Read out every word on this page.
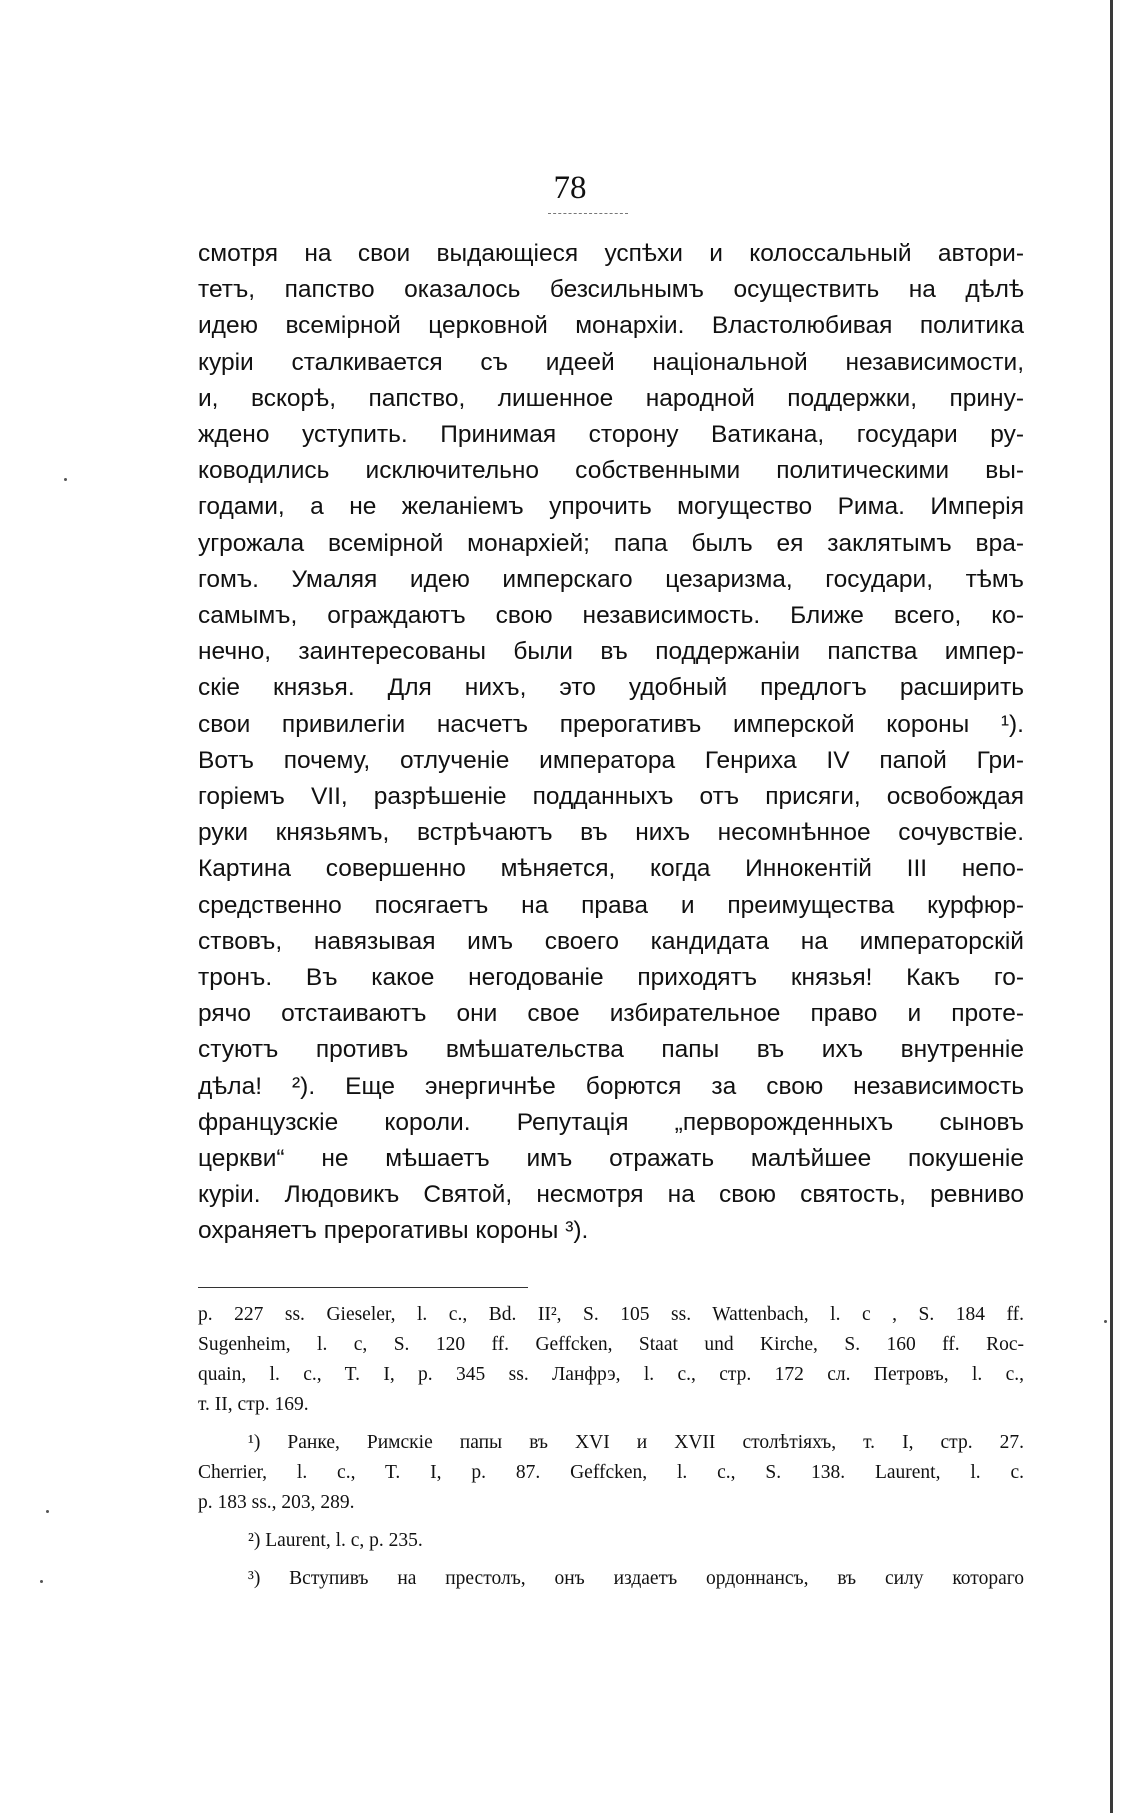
78
смотря на свои выдающіеся успѣхи и колоссальный автори-
тетъ, папство оказалось безсильнымъ осуществить на дѣлѣ
идею всемірной церковной монархіи. Властолюбивая политика
куріи сталкивается съ идеей національной независимости,
и, вскорѣ, папство, лишенное народной поддержки, прину-
ждено уступить. Принимая сторону Ватикана, государи ру-
ководились исключительно собственными политическими вы-
годами, а не желаніемъ упрочить могущество Рима. Имперія
угрожала всемірной монархіей; папа былъ ея заклятымъ вра-
гомъ. Умаляя идею имперскаго цезаризма, государи, тѣмъ
самымъ, ограждаютъ свою независимость. Ближе всего, ко-
нечно, заинтересованы были въ поддержаніи папства импер-
скіе князья. Для нихъ, это удобный предлогъ расширить
свои привилегіи насчетъ прерогативъ имперской короны ¹).
Вотъ почему, отлученіе императора Генриха IV папой Гри-
горіемъ VII, разрѣшеніе подданныхъ отъ присяги, освобождая
руки князьямъ, встрѣчаютъ въ нихъ несомнѣнное сочувствіе.
Картина совершенно мѣняется, когда Иннокентій III непо-
средственно посягаетъ на права и преимущества курфюр-
ствовъ, навязывая имъ своего кандидата на императорскій
тронъ. Въ какое негодованіе приходятъ князья! Какъ го-
рячо отстаиваютъ они свое избирательное право и проте-
стуютъ противъ вмѣшательства папы въ ихъ внутренніе
дѣла! ²). Еще энергичнѣе борются за свою независимость
французскіе короли. Репутація „перворожденныхъ сыновъ
церкви“ не мѣшаетъ имъ отражать малѣйшее покушеніе
куріи. Людовикъ Святой, несмотря на свою святость, ревниво
охраняетъ прерогативы короны ³).
p. 227 ss. Gieseler, l. c., Bd. II², S. 105 ss. Wattenbach, l. c , S. 184 ff.
Sugenheim, l. c, S. 120 ff. Geffcken, Staat und Kirche, S. 160 ff. Roc-
quain, l. c., T. I, p. 345 ss. Ланфрэ, l. c., стр. 172 сл. Петровъ, l. c.,
т. II, стр. 169.
¹) Ранке, Римскіе папы въ XVI и XVII столѣтіяхъ, т. I, стр. 27.
Cherrier, l. c., T. I, p. 87. Geffcken, l. c., S. 138. Laurent, l. c.
p. 183 ss., 203, 289.
²) Laurent, l. c, p. 235.
³) Вступивъ на престолъ, онъ издаетъ ордоннансъ, въ силу котораго
